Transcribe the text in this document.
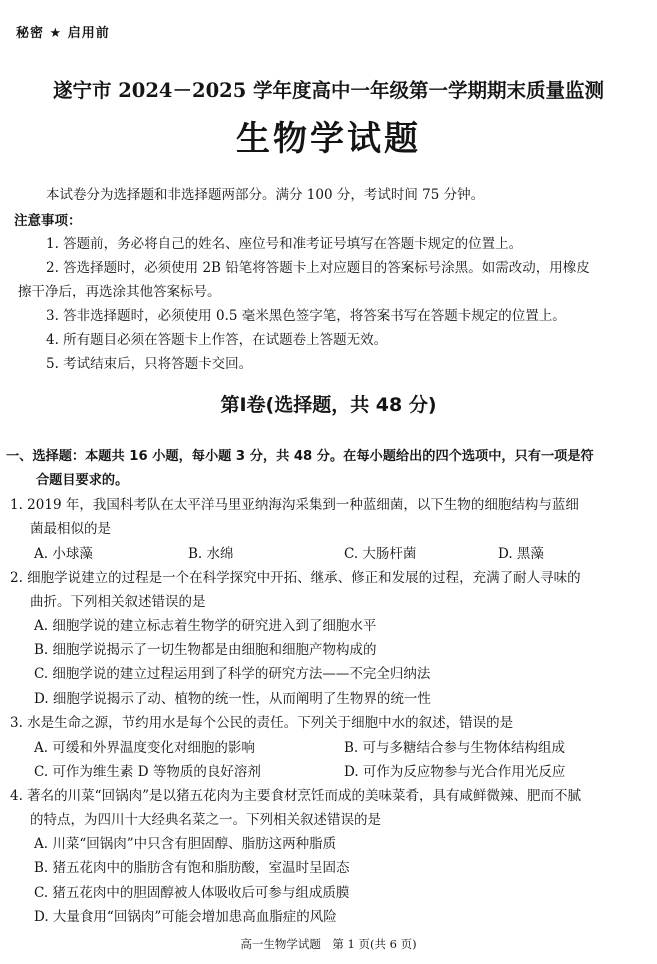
秘密 ★ 启用前
遂宁市 2024－2025 学年度高中一年级第一学期期末质量监测
生物学试题
本试卷分为选择题和非选择题两部分。满分 100 分，考试时间 75 分钟。
注意事项：
1. 答题前，务必将自己的姓名、座位号和准考证号填写在答题卡规定的位置上。
2. 答选择题时，必须使用 2B 铅笔将答题卡上对应题目的答案标号涂黑。如需改动，用橡皮
擦干净后，再选涂其他答案标号。
3. 答非选择题时，必须使用 0.5 毫米黑色签字笔，将答案书写在答题卡规定的位置上。
4. 所有题目必须在答题卡上作答，在试题卷上答题无效。
5. 考试结束后，只将答题卡交回。
第Ⅰ卷(选择题，共 48 分)
一、选择题：本题共 16 小题，每小题 3 分，共 48 分。在每小题给出的四个选项中，只有一项是符
合题目要求的。
1. 2019 年，我国科考队在太平洋马里亚纳海沟采集到一种蓝细菌，以下生物的细胞结构与蓝细
菌最相似的是
A. 小球藻	B. 水绵	C. 大肠杆菌	D. 黑藻
2. 细胞学说建立的过程是一个在科学探究中开拓、继承、修正和发展的过程，充满了耐人寻味的
曲折。下列相关叙述错误的是
A. 细胞学说的建立标志着生物学的研究进入到了细胞水平
B. 细胞学说揭示了一切生物都是由细胞和细胞产物构成的
C. 细胞学说的建立过程运用到了科学的研究方法——不完全归纳法
D. 细胞学说揭示了动、植物的统一性，从而阐明了生物界的统一性
3. 水是生命之源，节约用水是每个公民的责任。下列关于细胞中水的叙述，错误的是
A. 可缓和外界温度变化对细胞的影响	B. 可与多糖结合参与生物体结构组成
C. 可作为维生素 D 等物质的良好溶剂	D. 可作为反应物参与光合作用光反应
4. 著名的川菜“回锅肉”是以猪五花肉为主要食材烹饪而成的美味菜肴，具有咸鲜微辣、肥而不腻
的特点，为四川十大经典名菜之一。下列相关叙述错误的是
A. 川菜“回锅肉”中只含有胆固醇、脂肪这两种脂质
B. 猪五花肉中的脂肪含有饱和脂肪酸，室温时呈固态
C. 猪五花肉中的胆固醇被人体吸收后可参与组成质膜
D. 大量食用“回锅肉”可能会增加患高血脂症的风险
高一生物学试题　第 1 页(共 6 页)
